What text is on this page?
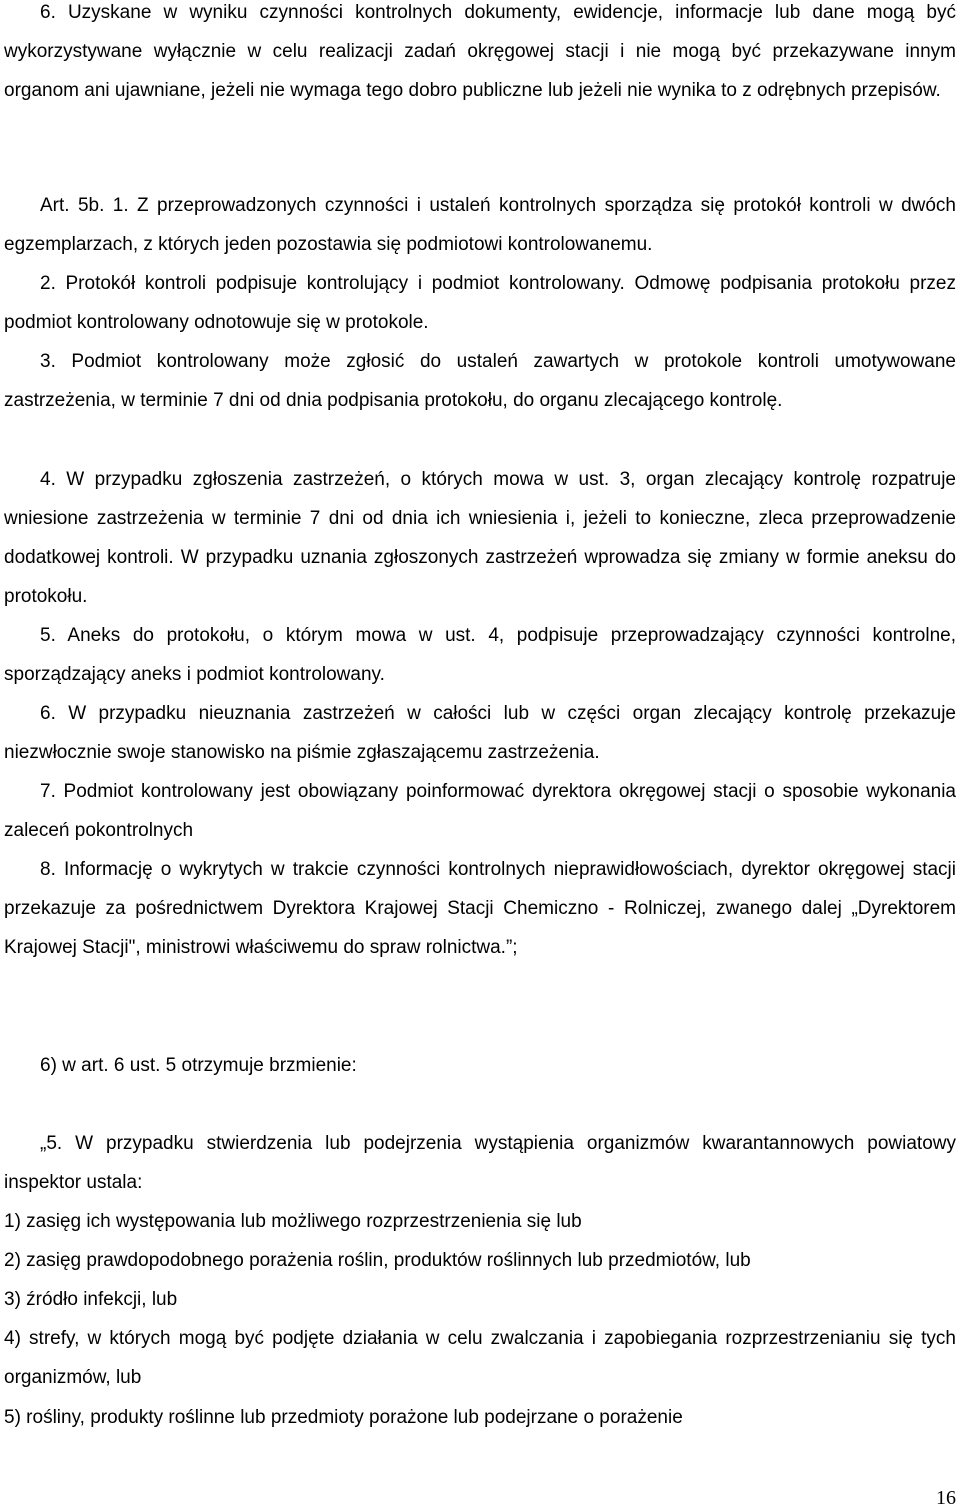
6. Uzyskane w wyniku czynności kontrolnych dokumenty, ewidencje, informacje lub dane mogą być wykorzystywane wyłącznie w celu realizacji zadań okręgowej stacji i nie mogą być przekazywane innym organom ani ujawniane, jeżeli nie wymaga tego dobro publiczne lub jeżeli nie wynika to z odrębnych przepisów.

Art. 5b. 1. Z przeprowadzonych czynności i ustaleń kontrolnych sporządza się protokół kontroli w dwóch egzemplarzach, z których jeden pozostawia się podmiotowi kontrolowanemu.

2. Protokół kontroli podpisuje kontrolujący i podmiot kontrolowany. Odmowę podpisania protokołu przez podmiot kontrolowany odnotowuje się w protokole.

3. Podmiot kontrolowany może zgłosić do ustaleń zawartych w protokole kontroli umotywowane zastrzeżenia, w terminie 7 dni od dnia podpisania protokołu, do organu zlecającego kontrolę.

4. W przypadku zgłoszenia zastrzeżeń, o których mowa w ust. 3, organ zlecający kontrolę rozpatruje wniesione zastrzeżenia w terminie 7 dni od dnia ich wniesienia i, jeżeli to konieczne, zleca przeprowadzenie dodatkowej kontroli. W przypadku uznania zgłoszonych zastrzeżeń wprowadza się zmiany w formie aneksu do protokołu.

5. Aneks do protokołu, o którym mowa w ust. 4, podpisuje przeprowadzający czynności kontrolne, sporządzający aneks i podmiot kontrolowany.

6. W przypadku nieuznania zastrzeżeń w całości lub w części organ zlecający kontrolę przekazuje niezwłocznie swoje stanowisko na piśmie zgłaszającemu zastrzeżenia.

7. Podmiot kontrolowany jest obowiązany poinformować dyrektora okręgowej stacji o sposobie wykonania zaleceń pokontrolnych

8. Informację o wykrytych w trakcie czynności kontrolnych nieprawidłowościach, dyrektor okręgowej stacji przekazuje za pośrednictwem Dyrektora Krajowej Stacji Chemiczno - Rolniczej, zwanego dalej „Dyrektorem Krajowej Stacji", ministrowi właściwemu do spraw rolnictwa.”;

6) w art. 6 ust. 5 otrzymuje brzmienie:

„5. W przypadku stwierdzenia lub podejrzenia wystąpienia organizmów kwarantannowych powiatowy inspektor ustala:

1) zasięg ich występowania lub możliwego rozprzestrzenienia się lub

2) zasięg prawdopodobnego porażenia roślin, produktów roślinnych lub przedmiotów, lub

3) źródło infekcji, lub

4) strefy, w których mogą być podjęte działania w celu zwalczania i zapobiegania rozprzestrzenianiu się tych organizmów, lub

5) rośliny, produkty roślinne lub przedmioty porażone lub podejrzane o porażenie

16
